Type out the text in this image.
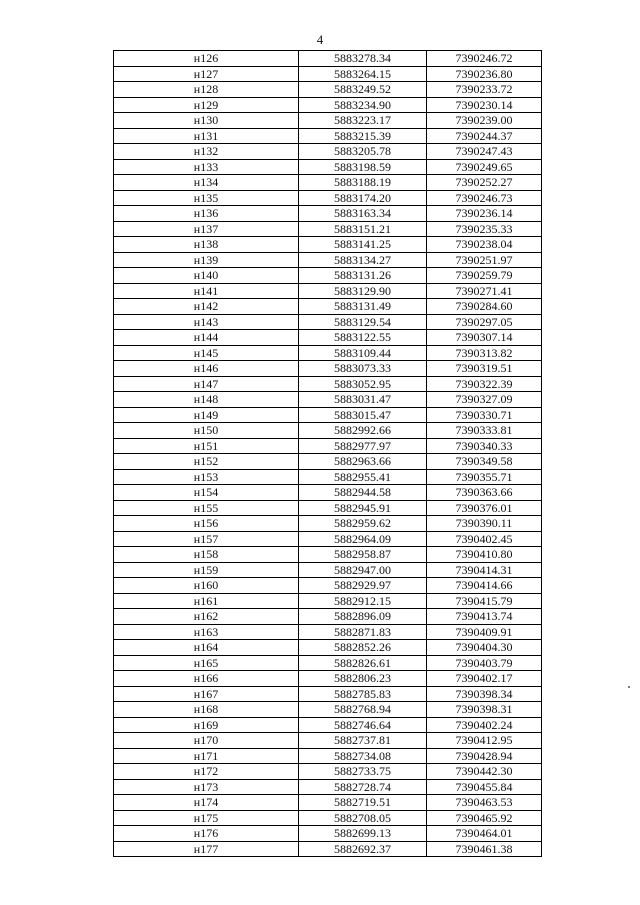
4
н126	5883278.34	7390246.72
н127	5883264.15	7390236.80
н128	5883249.52	7390233.72
н129	5883234.90	7390230.14
н130	5883223.17	7390239.00
н131	5883215.39	7390244.37
н132	5883205.78	7390247.43
н133	5883198.59	7390249.65
н134	5883188.19	7390252.27
н135	5883174.20	7390246.73
н136	5883163.34	7390236.14
н137	5883151.21	7390235.33
н138	5883141.25	7390238.04
н139	5883134.27	7390251.97
н140	5883131.26	7390259.79
н141	5883129.90	7390271.41
н142	5883131.49	7390284.60
н143	5883129.54	7390297.05
н144	5883122.55	7390307.14
н145	5883109.44	7390313.82
н146	5883073.33	7390319.51
н147	5883052.95	7390322.39
н148	5883031.47	7390327.09
н149	5883015.47	7390330.71
н150	5882992.66	7390333.81
н151	5882977.97	7390340.33
н152	5882963.66	7390349.58
н153	5882955.41	7390355.71
н154	5882944.58	7390363.66
н155	5882945.91	7390376.01
н156	5882959.62	7390390.11
н157	5882964.09	7390402.45
н158	5882958.87	7390410.80
н159	5882947.00	7390414.31
н160	5882929.97	7390414.66
н161	5882912.15	7390415.79
н162	5882896.09	7390413.74
н163	5882871.83	7390409.91
н164	5882852.26	7390404.30
н165	5882826.61	7390403.79
н166	5882806.23	7390402.17
н167	5882785.83	7390398.34
н168	5882768.94	7390398.31
н169	5882746.64	7390402.24
н170	5882737.81	7390412.95
н171	5882734.08	7390428.94
н172	5882733.75	7390442.30
н173	5882728.74	7390455.84
н174	5882719.51	7390463.53
н175	5882708.05	7390465.92
н176	5882699.13	7390464.01
н177	5882692.37	7390461.38
